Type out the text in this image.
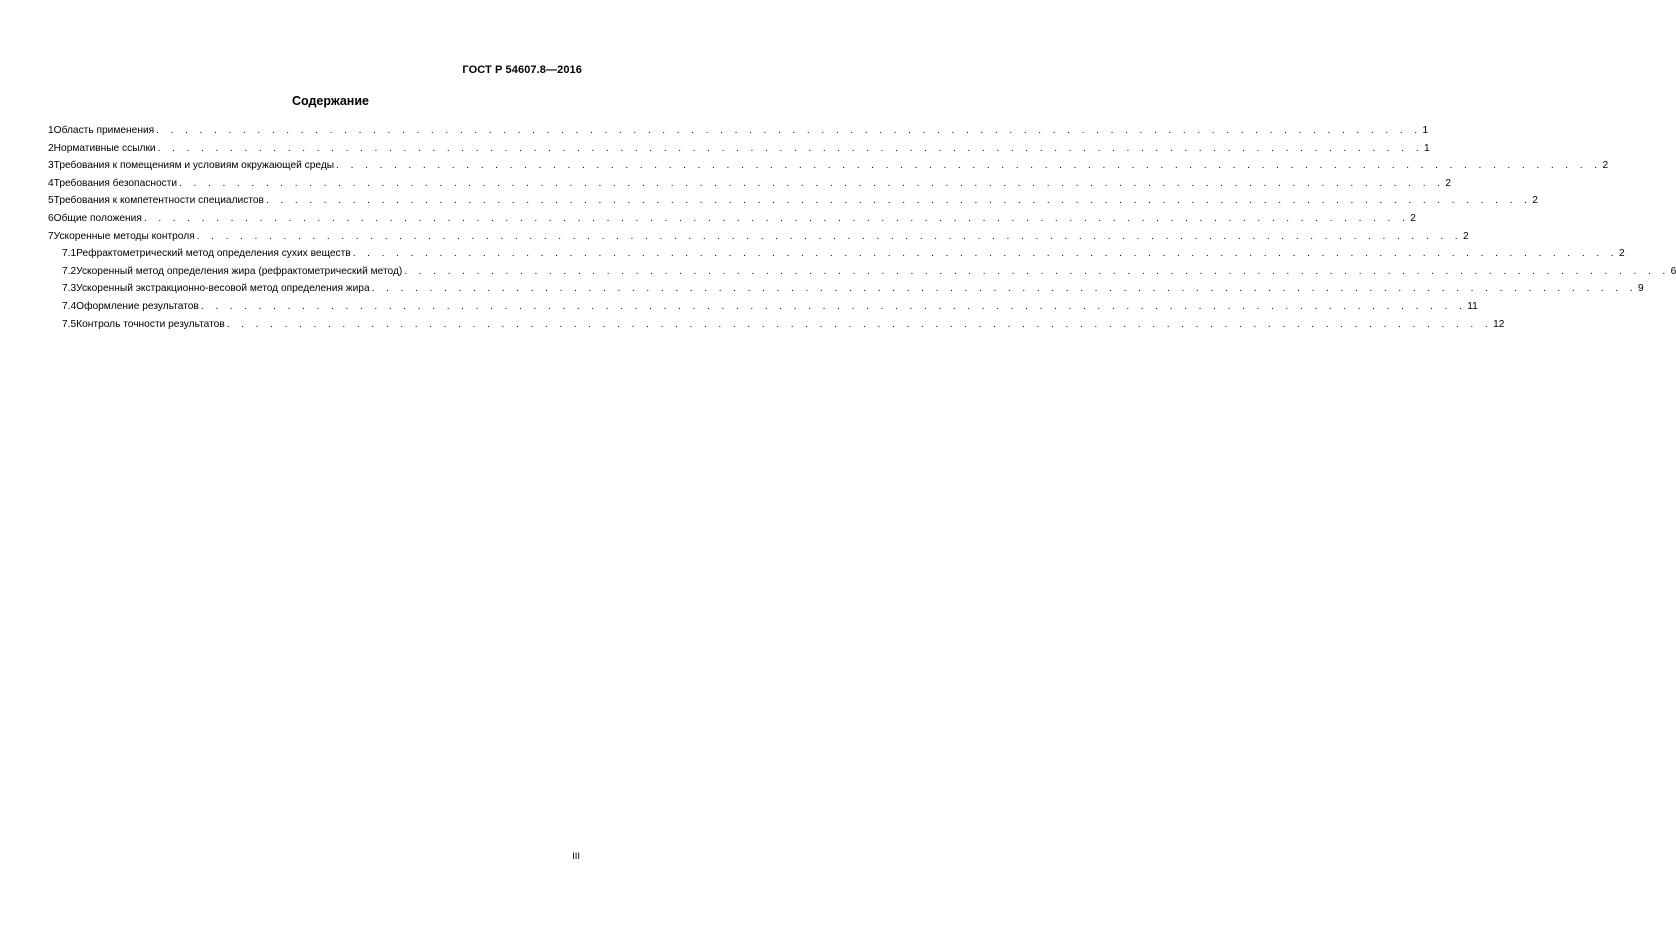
ГОСТ Р 54607.8—2016
Содержание
1 Область применения . . . . . . . . . . . . . . . . . . . . . . . . . . . . . . . . . . . . . . . . . . . . . . . . . . . . . . . . . . . . . . . . . . . . . . . . . . . . . . . . . . . . . . . . 1
2 Нормативные ссылки . . . . . . . . . . . . . . . . . . . . . . . . . . . . . . . . . . . . . . . . . . . . . . . . . . . . . . . . . . . . . . . . . . . . . . . . . . . . . . . . . . . . . . . . 1
3 Требования к помещениям и условиям окружающей среды . . . . . . . . . . . . . . . . . . . . . . . . . . . . . . . . . . . . . . . . . . . . . . . . . . . . . . . . . . . . . . . . . . . . . . . . . . . . . . . . . . . . . . . . 2
4 Требования безопасности . . . . . . . . . . . . . . . . . . . . . . . . . . . . . . . . . . . . . . . . . . . . . . . . . . . . . . . . . . . . . . . . . . . . . . . . . . . . . . . . . . . . . . . . 2
5 Требования к компетентности специалистов . . . . . . . . . . . . . . . . . . . . . . . . . . . . . . . . . . . . . . . . . . . . . . . . . . . . . . . . . . . . . . . . . . . . . . . . . . . . . . . . . . . . . . . . 2
6 Общие положения . . . . . . . . . . . . . . . . . . . . . . . . . . . . . . . . . . . . . . . . . . . . . . . . . . . . . . . . . . . . . . . . . . . . . . . . . . . . . . . . . . . . . . . . 2
7 Ускоренные методы контроля . . . . . . . . . . . . . . . . . . . . . . . . . . . . . . . . . . . . . . . . . . . . . . . . . . . . . . . . . . . . . . . . . . . . . . . . . . . . . . . . . . . . . . . . 2
7.1 Рефрактометрический метод определения сухих веществ . . . . . . . . . . . . . . . . . . . . . . . . . . . . . . . . . . . . . . . . . . . . . . . . . . . . . . . . . . . . . . . . . . . . . . . . . . . . . . . . . . . . . . . . 2
7.2 Ускоренный метод определения жира (рефрактометрический метод) . . . . . . . . . . . . . . . . . . . . . . . . . . . . . . . . . . . . . . . . . . . . . . . . . . . . . . . . . . . . . . . . . . . . . . . . . . . . . . . . . . . . . . . . 6
7.3 Ускоренный экстракционно-весовой метод определения жира . . . . . . . . . . . . . . . . . . . . . . . . . . . . . . . . . . . . . . . . . . . . . . . . . . . . . . . . . . . . . . . . . . . . . . . . . . . . . . . . . . . . . . . . 9
7.4 Оформление результатов . . . . . . . . . . . . . . . . . . . . . . . . . . . . . . . . . . . . . . . . . . . . . . . . . . . . . . . . . . . . . . . . . . . . . . . . . . . . . . . . . . . . . . . . 11
7.5 Контроль точности результатов . . . . . . . . . . . . . . . . . . . . . . . . . . . . . . . . . . . . . . . . . . . . . . . . . . . . . . . . . . . . . . . . . . . . . . . . . . . . . . . . . . . . . . . . 12
III
